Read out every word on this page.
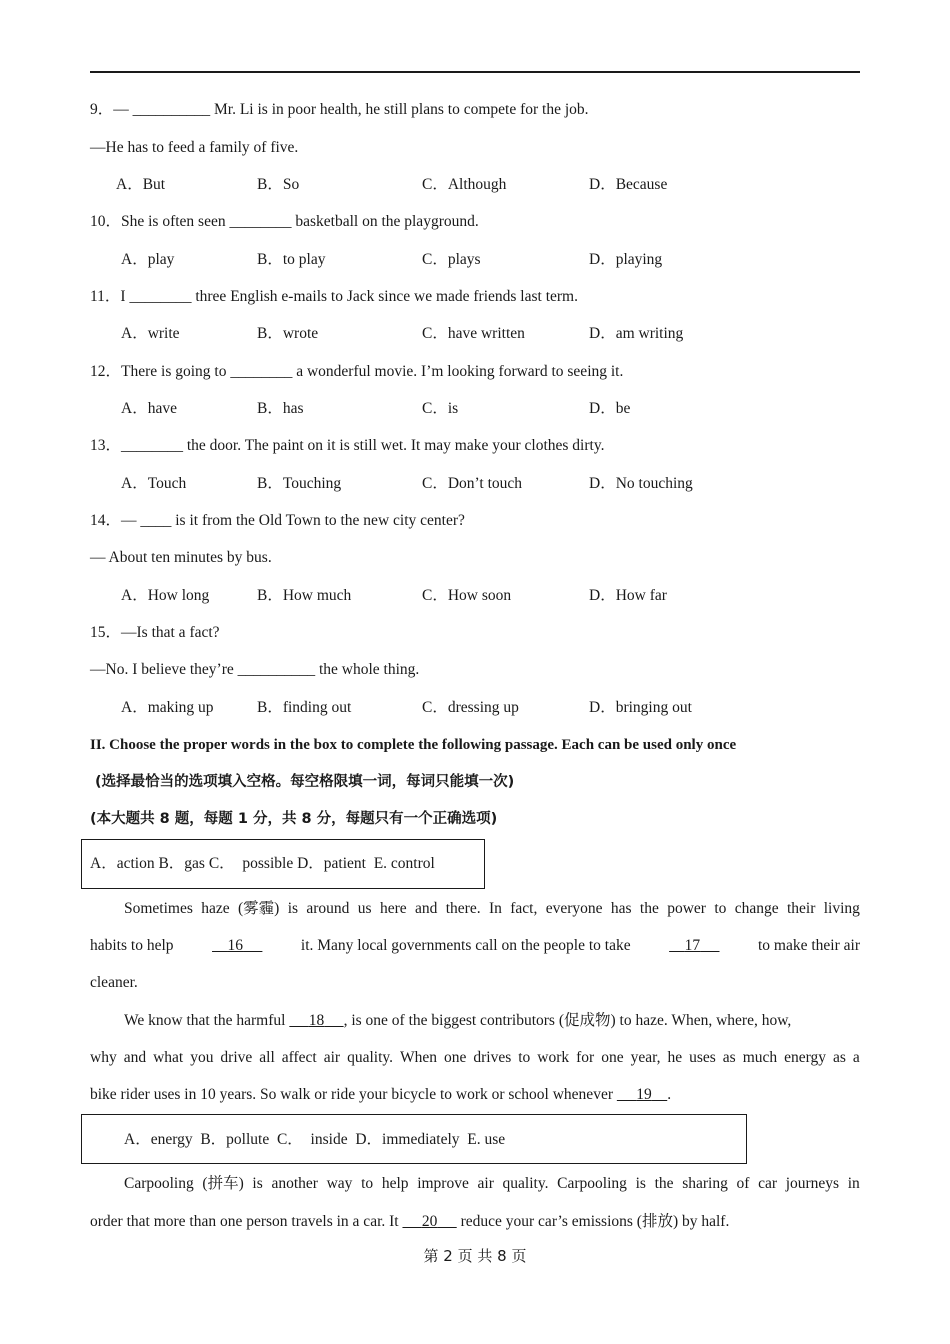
9．— __________ Mr. Li is in poor health, he still plans to compete for the job.
—He has to feed a family of five.
A．But	B．So	C．Although	D．Because
10．She is often seen ________ basketball on the playground.
A．play	B．to play	C．plays	D．playing
11．I ________ three English e-mails to Jack since we made friends last term.
A．write	B．wrote	C．have written	D．am writing
12．There is going to ________ a wonderful movie. I’m looking forward to seeing it.
A．have	B．has	C．is	D．be
13．________ the door. The paint on it is still wet. It may make your clothes dirty.
A．Touch	B．Touching	C．Don’t touch	D．No touching
14．— ____ is it from the Old Town to the new city center?
— About ten minutes by bus.
A．How long	B．How much	C．How soon	D．How far
15．—Is that a fact?
—No. I believe they’re __________ the whole thing.
A．making up	B．finding out	C．dressing up	D．bringing out
II. Choose the proper words in the box to complete the following passage. Each can be used only once
(选择最恰当的选项填入空格。每空格限填一词，每词只能填一次)
(本大题共 8 题，每题 1 分，共 8 分，每题只有一个正确选项)
A．action B．gas C．  possible D．patient  E. control
Sometimes haze (雾霾) is around us here and there. In fact, everyone has the power to change their living
habits to help	16	it. Many local governments call on the people to take	17	to make their air
cleaner.
We know that the harmful 18 , is one of the biggest contributors (促成物) to haze. When, where, how,
why and what you drive all affect air quality. When one drives to work for one year, he uses as much energy as a
bike rider uses in 10 years. So walk or ride your bicycle to work or school whenever 19 .
A．energy  B．pollute  C．  inside  D．immediately  E. use
Carpooling (拼车) is another way to help improve air quality. Carpooling is the sharing of car journeys in
order that more than one person travels in a car. It 20 reduce your car’s emissions (排放) by half.
第 2 页 共 8 页
